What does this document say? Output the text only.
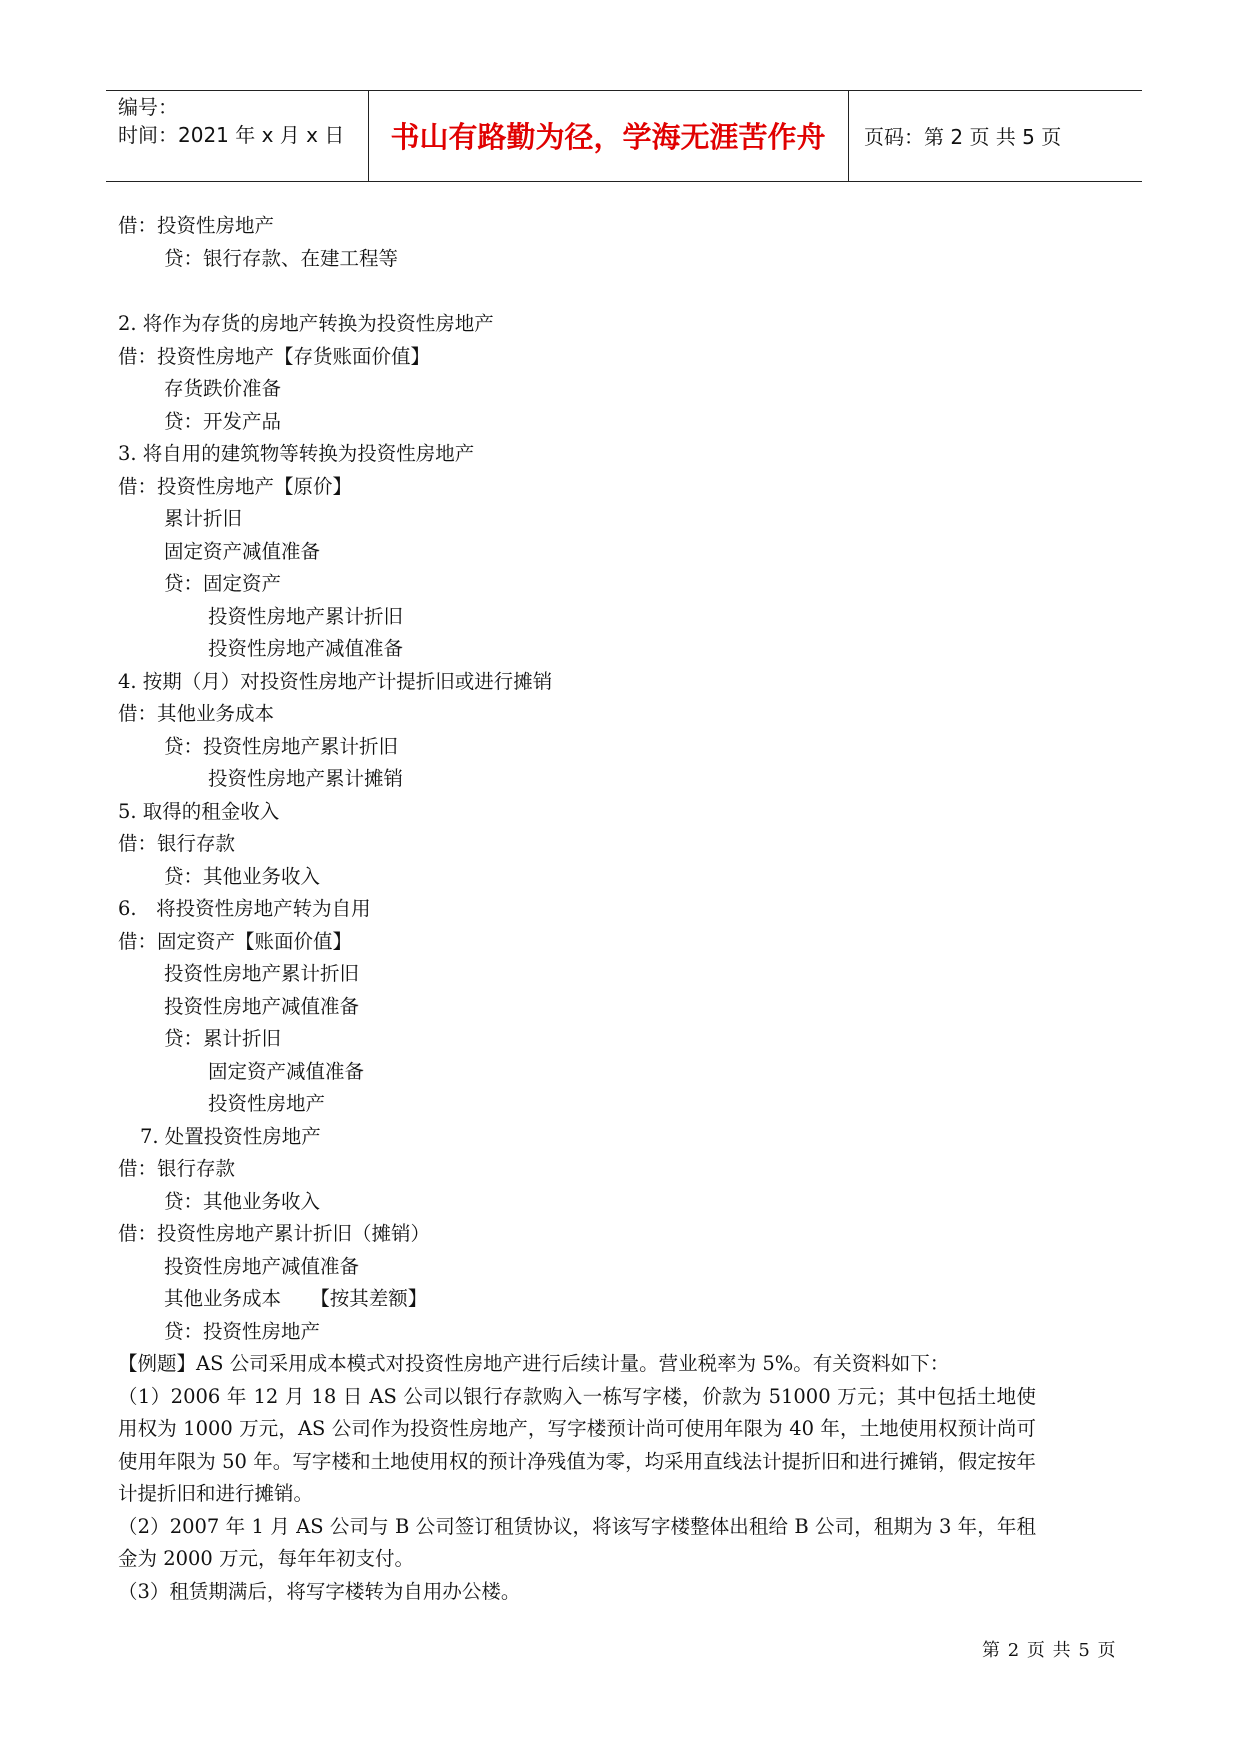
编号：
时间：2021 年 x 月 x 日	书山有路勤为径，学海无涯苦作舟	页码：第 2 页 共 5 页
借：投资性房地产
贷：银行存款、在建工程等
2. 将作为存货的房地产转换为投资性房地产
借：投资性房地产【存货账面价值】
存货跌价准备
贷：开发产品
3. 将自用的建筑物等转换为投资性房地产
借：投资性房地产【原价】
累计折旧
固定资产减值准备
贷：固定资产
投资性房地产累计折旧
投资性房地产减值准备
4. 按期（月）对投资性房地产计提折旧或进行摊销
借：其他业务成本
贷：投资性房地产累计折旧
投资性房地产累计摊销
5. 取得的租金收入
借：银行存款
贷：其他业务收入
6.　将投资性房地产转为自用
借：固定资产【账面价值】
投资性房地产累计折旧
投资性房地产减值准备
贷：累计折旧
固定资产减值准备
投资性房地产
7. 处置投资性房地产
借：银行存款
贷：其他业务收入
借：投资性房地产累计折旧（摊销）
投资性房地产减值准备
其他业务成本　　【按其差额】
贷：投资性房地产
【例题】AS 公司采用成本模式对投资性房地产进行后续计量。营业税率为 5%。有关资料如下：
（1）2006 年 12 月 18 日 AS 公司以银行存款购入一栋写字楼，价款为 51000 万元；其中包括土地使用权为 1000 万元，AS 公司作为投资性房地产，写字楼预计尚可使用年限为 40 年，土地使用权预计尚可使用年限为 50 年。写字楼和土地使用权的预计净残值为零，均采用直线法计提折旧和进行摊销，假定按年计提折旧和进行摊销。
（2）2007 年 1 月 AS 公司与 B 公司签订租赁协议，将该写字楼整体出租给 B 公司，租期为 3 年，年租金为 2000 万元，每年年初支付。
（3）租赁期满后，将写字楼转为自用办公楼。
第 2 页 共 5 页
